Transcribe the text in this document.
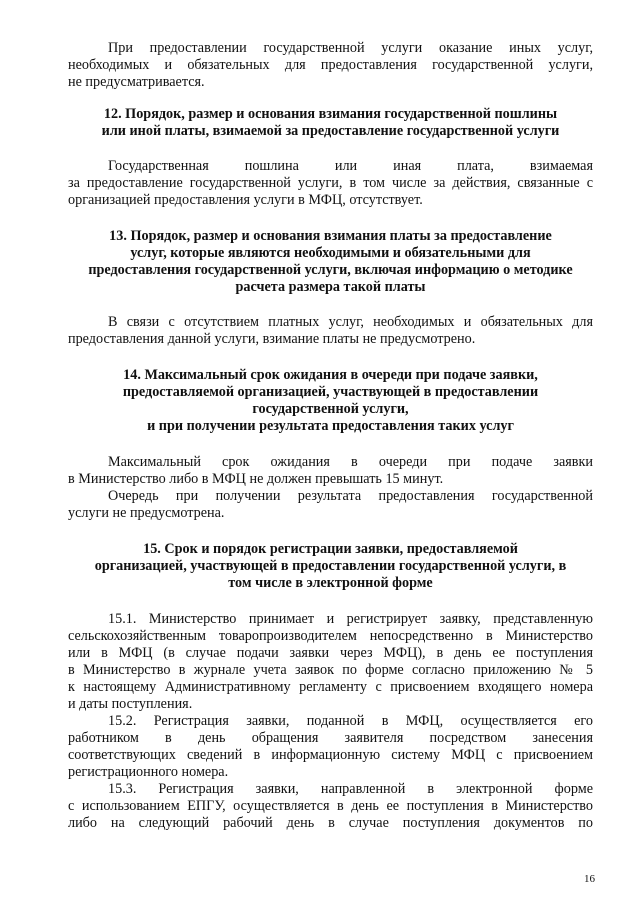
При предоставлении государственной услуги оказание иных услуг,
необходимых и обязательных для предоставления государственной услуги,
не предусматривается.
12. Порядок, размер и основания взимания государственной пошлины
или иной платы, взимаемой за предоставление государственной услуги
Государственная пошлина или иная плата, взимаемая
за предоставление государственной услуги, в том числе за действия, связанные с
организацией предоставления услуги в МФЦ, отсутствует.
13. Порядок, размер и основания взимания платы за предоставление
услуг, которые являются необходимыми и обязательными для
предоставления государственной услуги, включая информацию о методике
расчета размера такой платы
В связи с отсутствием платных услуг, необходимых и обязательных для
предоставления данной услуги, взимание платы не предусмотрено.
14. Максимальный срок ожидания в очереди при подаче заявки,
предоставляемой организацией, участвующей в предоставлении
государственной услуги,
и при получении результата предоставления таких услуг
Максимальный срок ожидания в очереди при подаче заявки
в Министерство либо в МФЦ не должен превышать 15 минут.
Очередь при получении результата предоставления государственной
услуги не предусмотрена.
15. Срок и порядок регистрации заявки, предоставляемой
организацией, участвующей в предоставлении государственной услуги, в
том числе в электронной форме
15.1. Министерство принимает и регистрирует заявку, представленную
сельскохозяйственным товаропроизводителем непосредственно в Министерство
или в МФЦ (в случае подачи заявки через МФЦ), в день ее поступления
в Министерство в журнале учета заявок по форме согласно приложению № 5
к настоящему Административному регламенту с присвоением входящего номера
и даты поступления.
15.2. Регистрация заявки, поданной в МФЦ, осуществляется его
работником в день обращения заявителя посредством занесения
соответствующих сведений в информационную систему МФЦ с присвоением
регистрационного номера.
15.3. Регистрация заявки, направленной в электронной форме
с использованием ЕПГУ, осуществляется в день ее поступления в Министерство
либо на следующий рабочий день в случае поступления документов по
16
